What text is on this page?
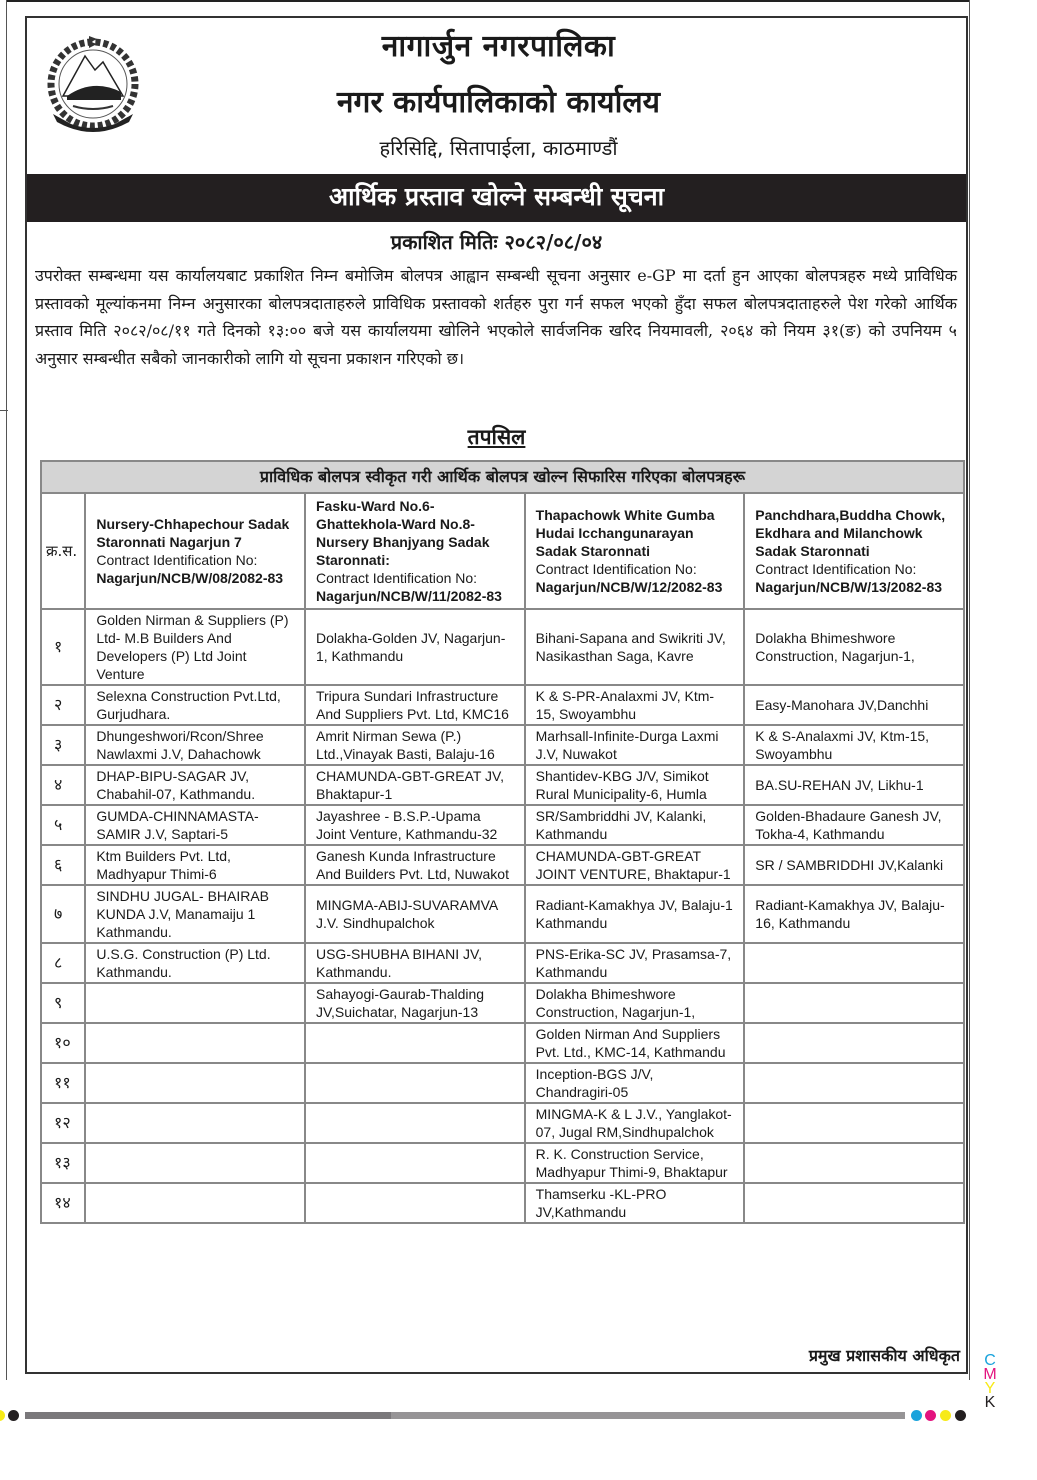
नागार्जुन नगरपालिका
नगर कार्यपालिकाको कार्यालय
हरिसिद्दि, सितापाईला, काठमाण्डौं
आर्थिक प्रस्ताव खोल्ने सम्बन्धी सूचना
प्रकाशित मितिः २०८२/०८/०४
उपरोक्त सम्बन्धमा यस कार्यालयबाट प्रकाशित निम्न बमोजिम बोलपत्र आह्वान सम्बन्धी सूचना अनुसार e-GP मा दर्ता हुन आएका बोलपत्रहरु मध्ये प्राविधिक प्रस्तावको मूल्यांकनमा निम्न अनुसारका बोलपत्रदाताहरुले प्राविधिक प्रस्तावको शर्तहरु पुरा गर्न सफल भएको हुँदा सफल बोलपत्रदाताहरुले पेश गरेको आर्थिक प्रस्ताव मिति २०८२/०८/११ गते दिनको १३:०० बजे यस कार्यालयमा खोलिने भएकोले सार्वजनिक खरिद नियमावली, २०६४ को नियम ३१(ङ) को उपनियम ५ अनुसार सम्बन्धीत सबैको जानकारीको लागि यो सूचना प्रकाशन गरिएको छ।
तपसिल
प्राविधिक बोलपत्र स्वीकृत गरी आर्थिक बोलपत्र खोल्न सिफारिस गरिएका बोलपत्रहरू				
क्र.स.	Nursery-Chhapechour Sadak Staronnati Nagarjun 7
Contract Identification No:
Nagarjun/NCB/W/08/2082-83	Fasku-Ward No.6-Ghattekhola-Ward No.8-Nursery Bhanjyang Sadak Staronnati:
Contract Identification No:
Nagarjun/NCB/W/11/2082-83	Thapachowk White Gumba Hudai Icchangunarayan Sadak Staronnati
Contract Identification No:
Nagarjun/NCB/W/12/2082-83	Panchdhara,Buddha Chowk, Ekdhara and Milanchowk Sadak Staronnati
Contract Identification No:
Nagarjun/NCB/W/13/2082-83

१	Golden Nirman & Suppliers (P) Ltd- M.B Builders And Developers (P) Ltd Joint Venture	Dolakha-Golden JV, Nagarjun-1, Kathmandu	Bihani-Sapana and Swikriti JV, Nasikasthan Saga, Kavre	Dolakha Bhimeshwore Construction, Nagarjun-1,
२	Selexna Construction Pvt.Ltd, Gurjudhara.	Tripura Sundari Infrastructure And Suppliers Pvt. Ltd, KMC16	K & S-PR-Analaxmi JV, Ktm-15, Swoyambhu	Easy-Manohara JV,Danchhi
३	Dhungeshwori/Rcon/Shree Nawlaxmi J.V, Dahachowk	Amrit Nirman Sewa (P.) Ltd.,Vinayak Basti, Balaju-16	Marhsall-Infinite-Durga Laxmi J.V, Nuwakot	K & S-Analaxmi JV, Ktm-15, Swoyambhu
४	DHAP-BIPU-SAGAR JV, Chabahil-07, Kathmandu.	CHAMUNDA-GBT-GREAT JV, Bhaktapur-1	Shantidev-KBG J/V, Simikot Rural Municipality-6, Humla	BA.SU-REHAN JV, Likhu-1
५	GUMDA-CHINNAMASTA-SAMIR J.V, Saptari-5	Jayashree - B.S.P.-Upama Joint Venture, Kathmandu-32	SR/Sambriddhi JV, Kalanki, Kathmandu	Golden-Bhadaure Ganesh JV, Tokha-4, Kathmandu
६	Ktm Builders Pvt. Ltd, Madhyapur Thimi-6	Ganesh Kunda Infrastructure And Builders Pvt. Ltd, Nuwakot	CHAMUNDA-GBT-GREAT JOINT VENTURE, Bhaktapur-1	SR / SAMBRIDDHI JV,Kalanki
७	SINDHU JUGAL- BHAIRAB KUNDA J.V, Manamaiju 1 Kathmandu.	MINGMA-ABIJ-SUVARAMVA J.V. Sindhupalchok	Radiant-Kamakhya JV, Balaju-1 Kathmandu	Radiant-Kamakhya JV, Balaju-16, Kathmandu
८	U.S.G. Construction (P) Ltd. Kathmandu.	USG-SHUBHA BIHANI JV, Kathmandu.	PNS-Erika-SC JV, Prasamsa-7, Kathmandu	
९		Sahayogi-Gaurab-Thalding JV,Suichatar, Nagarjun-13	Dolakha Bhimeshwore Construction, Nagarjun-1,	
१०			Golden Nirman And Suppliers Pvt. Ltd., KMC-14, Kathmandu	
११			Inception-BGS J/V, Chandragiri-05	
१२			MINGMA-K & L J.V., Yanglakot-07, Jugal RM,Sindhupalchok	
१३			R. K. Construction Service, Madhyapur Thimi-9, Bhaktapur	
१४			Thamserku -KL-PRO JV,Kathmandu	
प्रमुख प्रशासकीय अधिकृत C
M
Y
K
